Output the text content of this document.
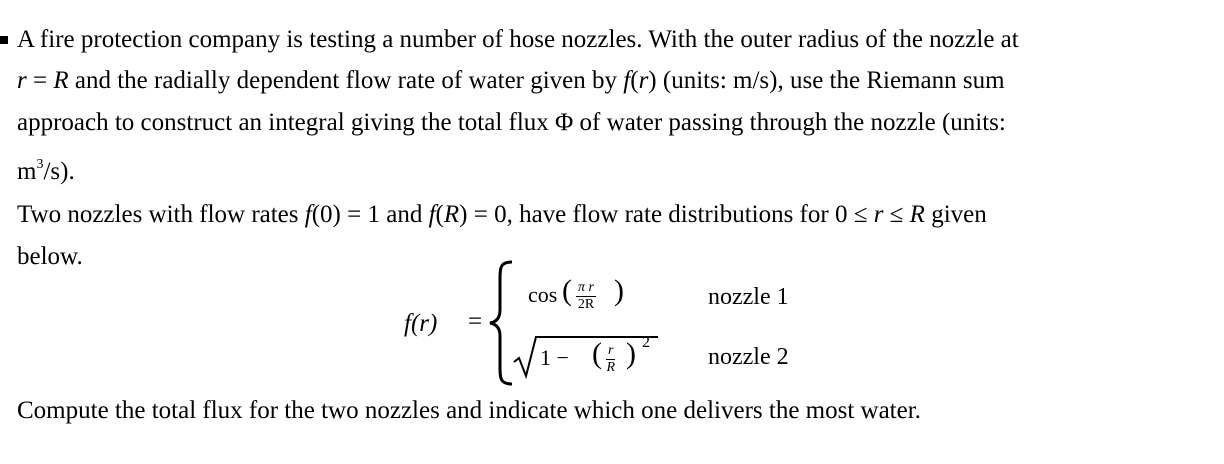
A fire protection company is testing a number of hose nozzles. With the outer radius of the nozzle at
r = R and the radially dependent flow rate of water given by f(r) (units: m/s), use the Riemann sum
approach to construct an integral giving the total flux Φ of water passing through the nozzle (units:
$m^3/s$).
Two nozzles with flow rates f(0) = 1 and f(R) = 0, have flow rate distributions for 0 ≤ r ≤ R given
below.
f(r) =
cos ( $\frac{\text{π r}}{2R}$ )	nozzle 1
1 − ( $\frac{r}{R}$ ) 2
nozzle 2
Compute the total flux for the two nozzles and indicate which one delivers the most water.
